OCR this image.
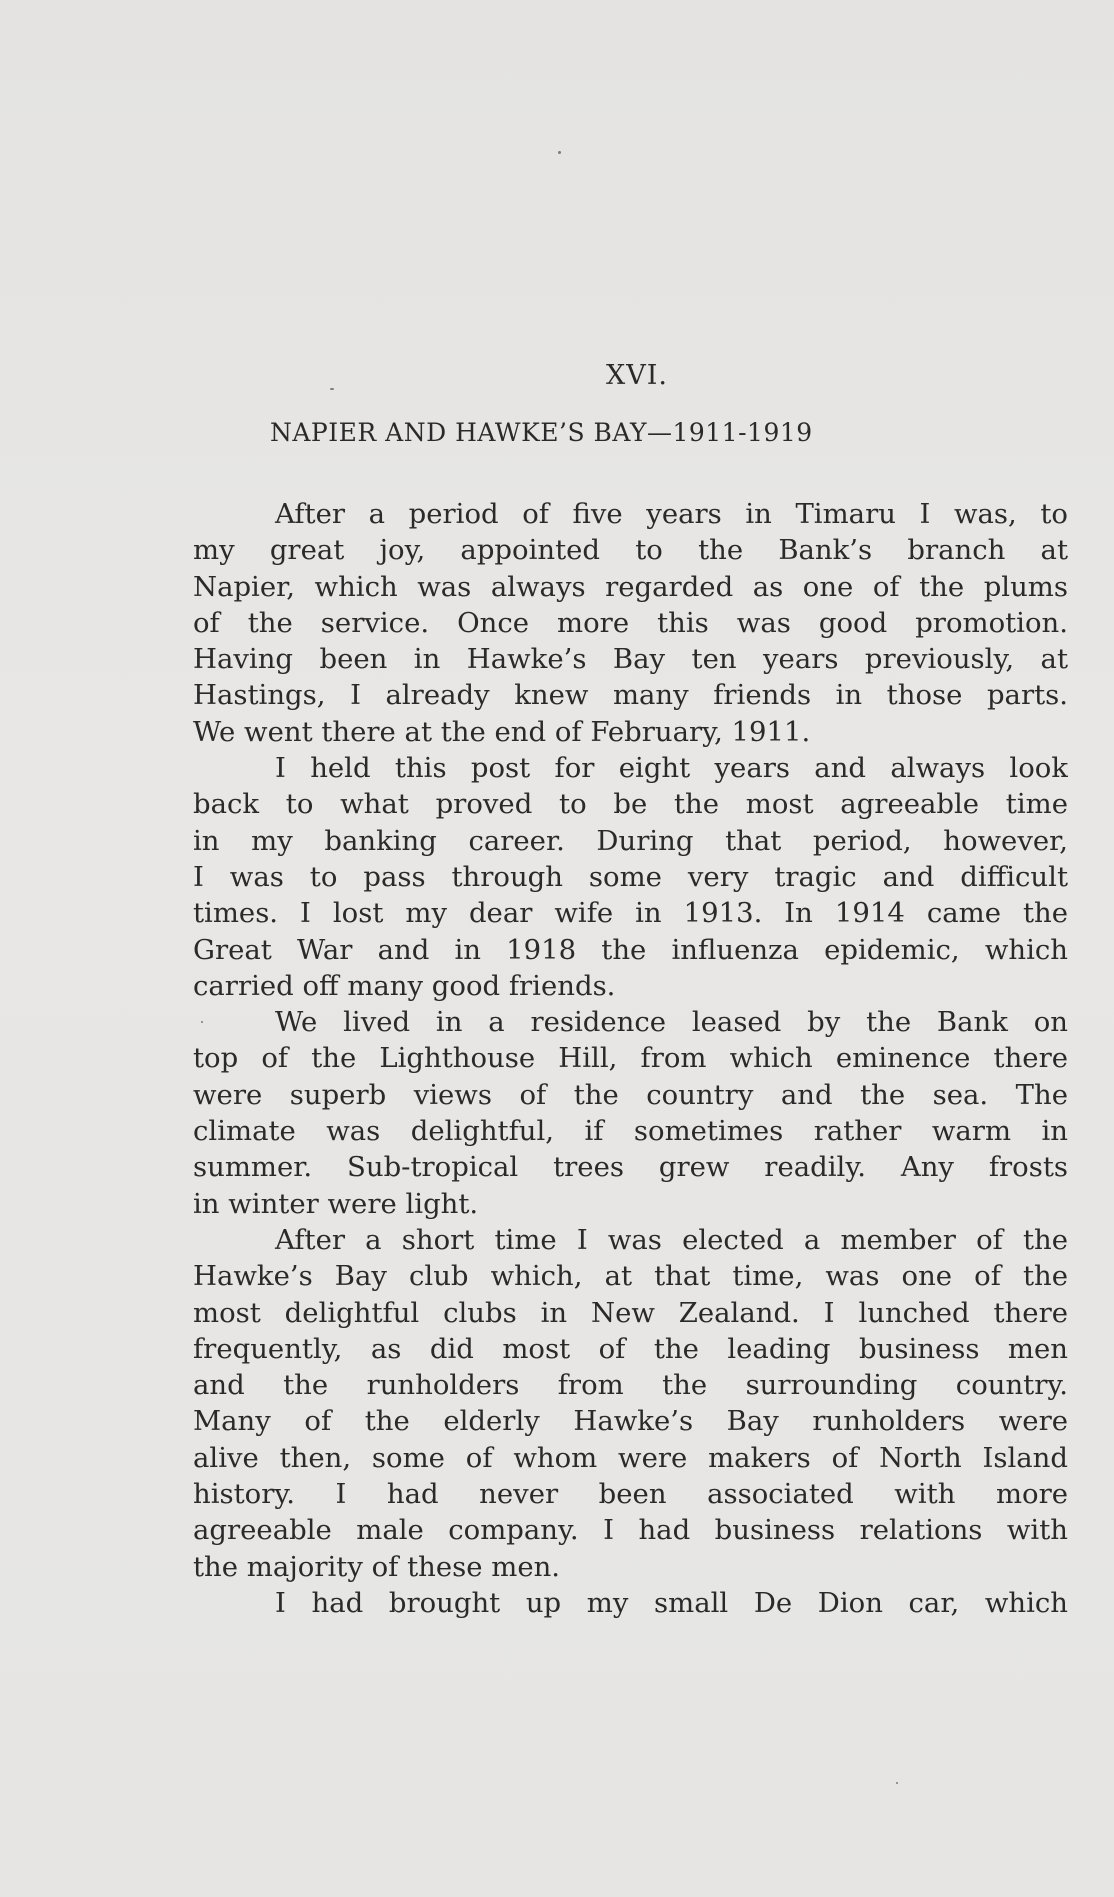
XVI.
NAPIER AND HAWKE’S BAY—1911-1919

After a period of five years in Timaru I was, to
my great joy, appointed to the Bank’s branch at
Napier, which was always regarded as one of the plums
of the service. Once more this was good promotion.
Having been in Hawke’s Bay ten years previously, at
Hastings, I already knew many friends in those parts.
We went there at the end of February, 1911.

I held this post for eight years and always look
back to what proved to be the most agreeable time
in my banking career. During that period, however,
I was to pass through some very tragic and difficult
times. I lost my dear wife in 1913. In 1914 came the
Great War and in 1918 the influenza epidemic, which
carried off many good friends.

We lived in a residence leased by the Bank on
top of the Lighthouse Hill, from which eminence there
were superb views of the country and the sea. The
climate was delightful, if sometimes rather warm in
summer. Sub-tropical trees grew readily. Any frosts
in winter were light.

After a short time I was elected a member of the
Hawke’s Bay club which, at that time, was one of the
most delightful clubs in New Zealand. I lunched there
frequently, as did most of the leading business men
and the runholders from the surrounding country.
Many of the elderly Hawke’s Bay runholders were
alive then, some of whom were makers of North Island
history. I had never been associated with more
agreeable male company. I had business relations with
the majority of these men.

I had brought up my small De Dion car, which
